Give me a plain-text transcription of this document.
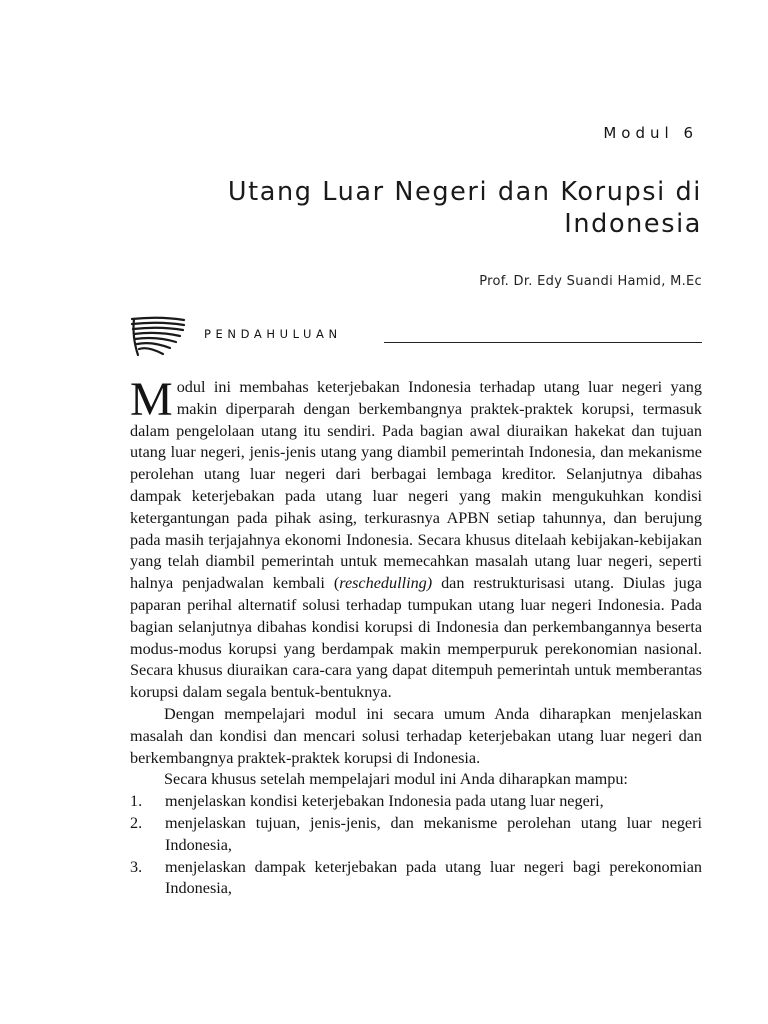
Modul 6
Utang Luar Negeri dan Korupsi di Indonesia
Prof. Dr. Edy Suandi Hamid, M.Ec
PENDAHULUAN

Modul ini membahas keterjebakan Indonesia terhadap utang luar negeri yang makin diperparah dengan berkembangnya praktek-praktek korupsi, termasuk dalam pengelolaan utang itu sendiri. Pada bagian awal diuraikan hakekat dan tujuan utang luar negeri, jenis-jenis utang yang diambil pemerintah Indonesia, dan mekanisme perolehan utang luar negeri dari berbagai lembaga kreditor. Selanjutnya dibahas dampak keterjebakan pada utang luar negeri yang makin mengukuhkan kondisi ketergantungan pada pihak asing, terkurasnya APBN setiap tahunnya, dan berujung pada masih terjajahnya ekonomi Indonesia. Secara khusus ditelaah kebijakan-kebijakan yang telah diambil pemerintah untuk memecahkan masalah utang luar negeri, seperti halnya penjadwalan kembali (reschedulling) dan restrukturisasi utang. Diulas juga paparan perihal alternatif solusi terhadap tumpukan utang luar negeri Indonesia. Pada bagian selanjutnya dibahas kondisi korupsi di Indonesia dan perkembangannya beserta modus-modus korupsi yang berdampak makin memperpuruk perekonomian nasional. Secara khusus diuraikan cara-cara yang dapat ditempuh pemerintah untuk memberantas korupsi dalam segala bentuk-bentuknya.

Dengan mempelajari modul ini secara umum Anda diharapkan menjelaskan masalah dan kondisi dan mencari solusi terhadap keterjebakan utang luar negeri dan berkembangnya praktek-praktek korupsi di Indonesia.

Secara khusus setelah mempelajari modul ini Anda diharapkan mampu:

1. menjelaskan kondisi keterjebakan Indonesia pada utang luar negeri,
2. menjelaskan tujuan, jenis-jenis, dan mekanisme perolehan utang luar negeri Indonesia,
3. menjelaskan dampak keterjebakan pada utang luar negeri bagi perekonomian Indonesia,
